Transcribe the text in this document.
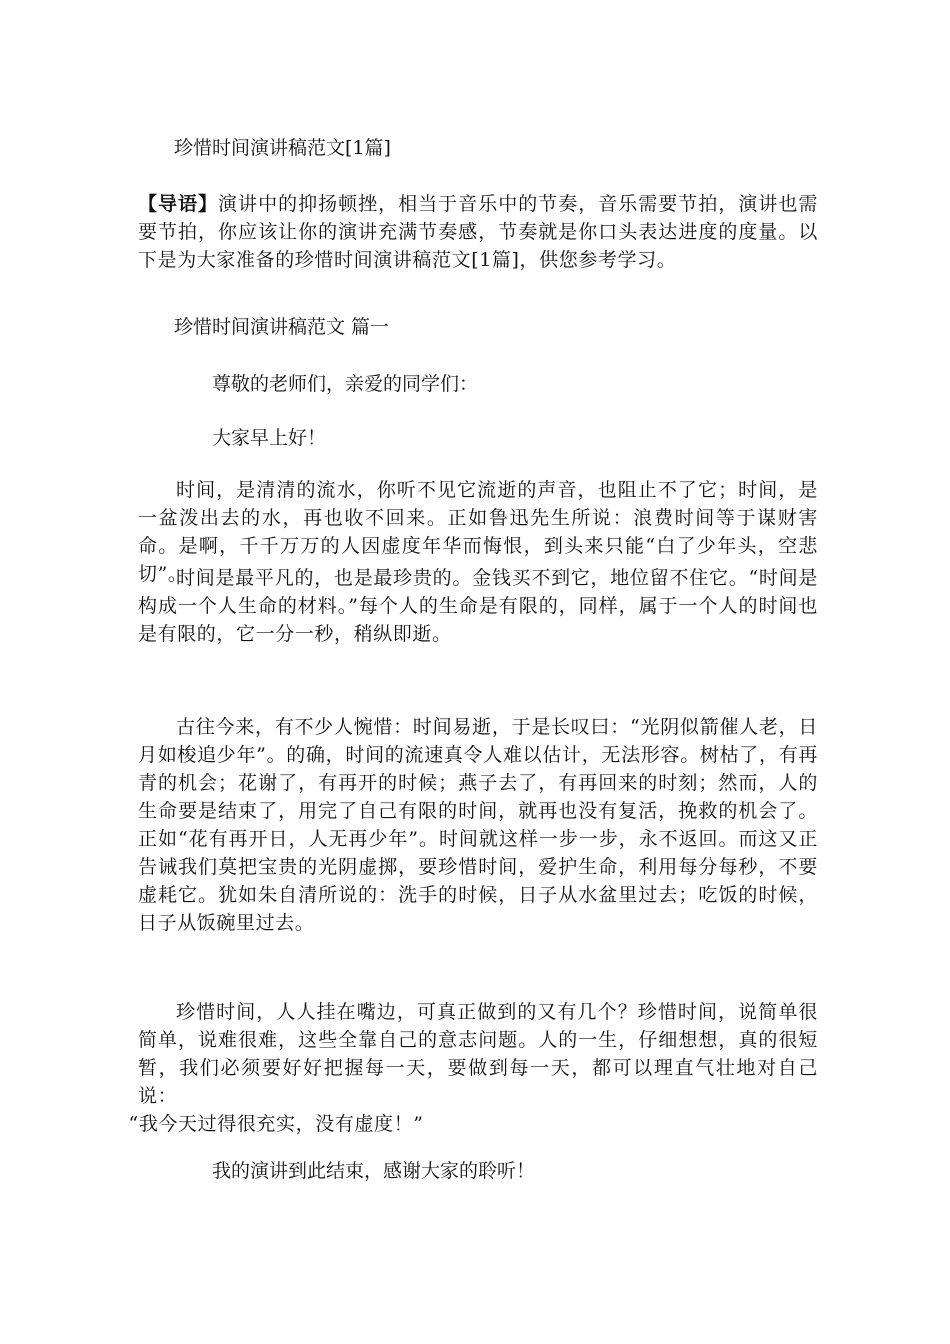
珍惜时间演讲稿范文[1篇]
【导语】演讲中的抑扬顿挫，相当于音乐中的节奏，音乐需要节拍，演讲也需要节拍，你应该让你的演讲充满节奏感，节奏就是你口头表达进度的度量。以下是为大家准备的珍惜时间演讲稿范文[1篇]，供您参考学习。
珍惜时间演讲稿范文 篇一
尊敬的老师们，亲爱的同学们：
大家早上好！
时间，是清清的流水，你听不见它流逝的声音，也阻止不了它；时间，是一盆泼出去的水，再也收不回来。正如鲁迅先生所说：浪费时间等于谋财害命。是啊，千千万万的人因虚度年华而悔恨，到头来只能“白了少年头，空悲切”。
时间是最平凡的，也是最珍贵的。金钱买不到它，地位留不住它。“时间是构成一个人生命的材料。”每个人的生命是有限的，同样，属于一个人的时间也是有限的，它一分一秒，稍纵即逝。
古往今来，有不少人惋惜：时间易逝，于是长叹曰：“光阴似箭催人老，日月如梭追少年”。的确，时间的流速真令人难以估计，无法形容。树枯了，有再青的机会；花谢了，有再开的时候；燕子去了，有再回来的时刻；然而，人的生命要是结束了，用完了自己有限的时间，就再也没有复活，挽救的机会了。正如“花有再开日，人无再少年”。时间就这样一步一步，永不返回。而这又正告诫我们莫把宝贵的光阴虚掷，要珍惜时间，爱护生命，利用每分每秒，不要虚耗它。犹如朱自清所说的：洗手的时候，日子从水盆里过去；吃饭的时候，日子从饭碗里过去。
珍惜时间，人人挂在嘴边，可真正做到的又有几个？珍惜时间，说简单很简单，说难很难，这些全靠自己的意志问题。人的一生，仔细想想，真的很短暂，我们必须要好好把握每一天，要做到每一天，都可以理直气壮地对自己说：
“我今天过得很充实，没有虚度！”
我的演讲到此结束，感谢大家的聆听！
